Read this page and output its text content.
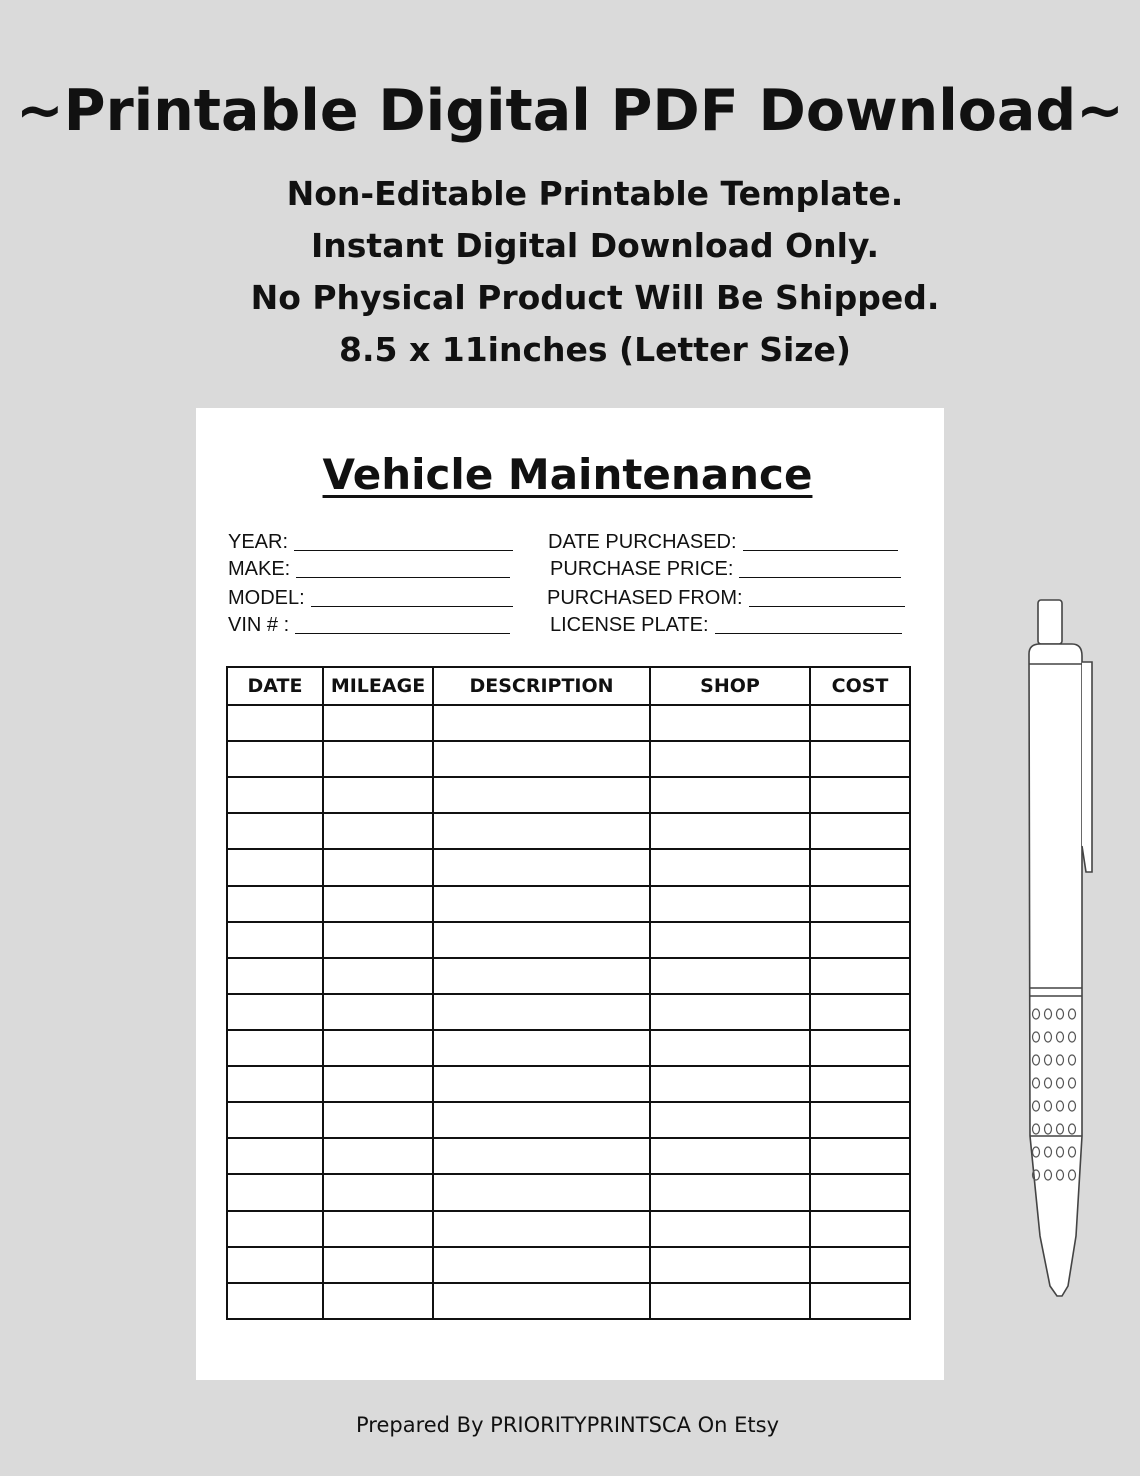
~Printable Digital PDF Download~

Non-Editable Printable Template.

Instant Digital Download Only.

No Physical Product Will Be Shipped.

8.5 x 11inches (Letter Size)

Vehicle Maintenance
YEAR:
MAKE:
MODEL:
VIN # :
DATE PURCHASED:
PURCHASE PRICE:
PURCHASED FROM:
LICENSE PLATE:
DATE	MILEAGE	DESCRIPTION	SHOP	COST

Prepared By PRIORITYPRINTSCA On Etsy
